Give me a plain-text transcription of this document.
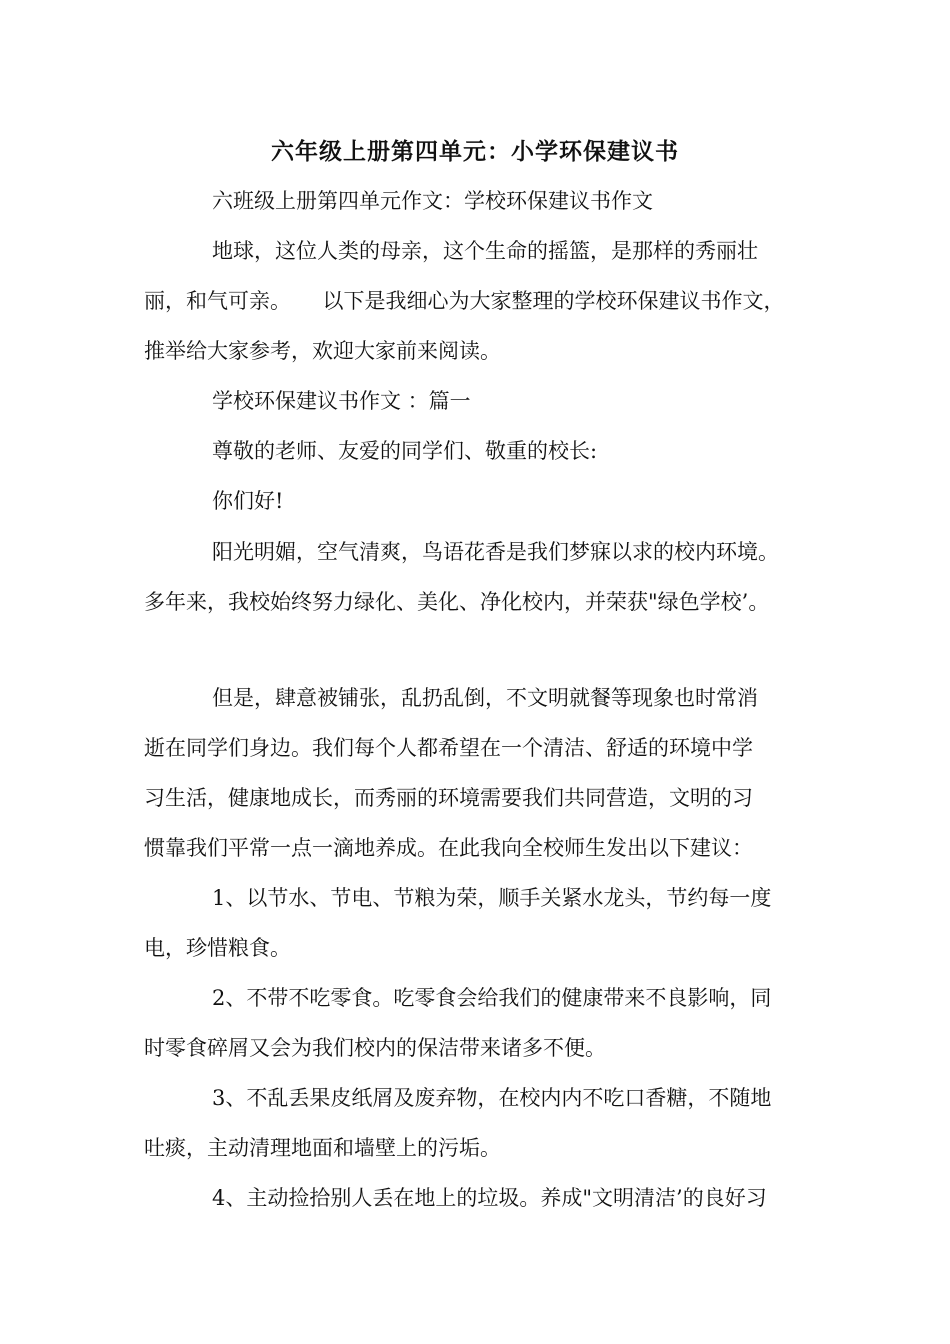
六年级上册第四单元：小学环保建议书
六班级上册第四单元作文：学校环保建议书作文
地球，这位人类的母亲，这个生命的摇篮，是那样的秀丽壮
丽，和气可亲。　　以下是我细心为大家整理的学校环保建议书作文，
推举给大家参考，欢迎大家前来阅读。
学校环保建议书作文 ：篇一
尊敬的老师、友爱的同学们、敬重的校长:
你们好!
阳光明媚，空气清爽，鸟语花香是我们梦寐以求的校内环境。
多年来，我校始终努力绿化、美化、净化校内，并荣获"绿色学校’。
但是，肆意被铺张，乱扔乱倒，不文明就餐等现象也时常消
逝在同学们身边。我们每个人都希望在一个清洁、舒适的环境中学
习生活，健康地成长，而秀丽的环境需要我们共同营造，文明的习
惯靠我们平常一点一滴地养成。在此我向全校师生发出以下建议：
1、以节水、节电、节粮为荣，顺手关紧水龙头，节约每一度
电，珍惜粮食。
2、不带不吃零食。吃零食会给我们的健康带来不良影响，同
时零食碎屑又会为我们校内的保洁带来诸多不便。
3、不乱丢果皮纸屑及废弃物，在校内内不吃口香糖，不随地
吐痰，主动清理地面和墙壁上的污垢。
4、主动捡拾别人丢在地上的垃圾。养成"文明清洁’的良好习
